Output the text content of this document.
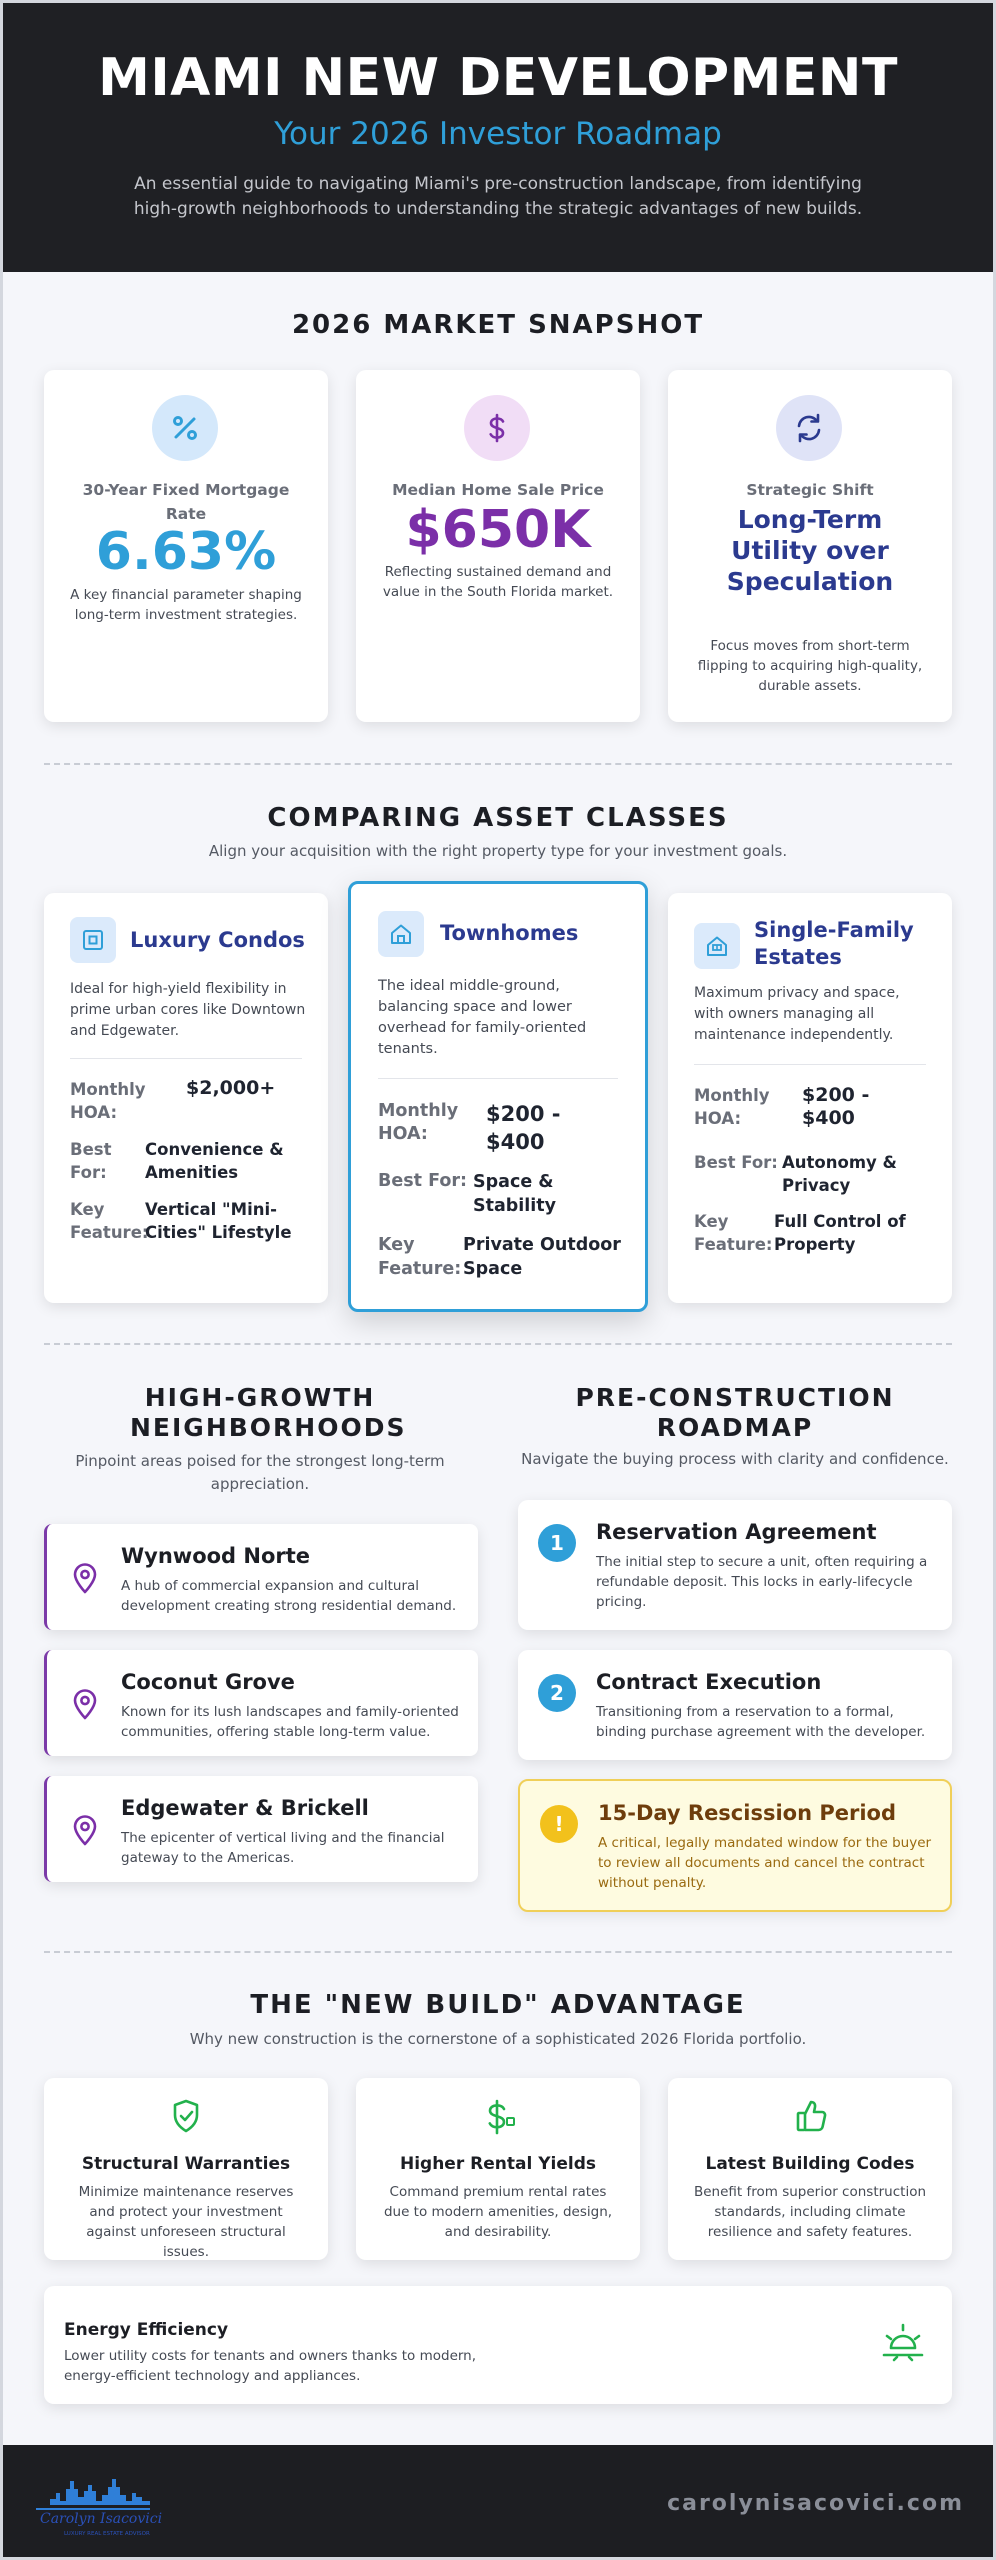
MIAMI NEW DEVELOPMENT
Your 2026 Investor Roadmap

An essential guide to navigating Miami's pre-construction landscape, from identifying high-growth neighborhoods to understanding the strategic advantages of new builds.

2026 MARKET SNAPSHOT
30-Year Fixed Mortgage Rate
6.63%
A key financial parameter shaping long-term investment strategies.
Median Home Sale Price
$650K
Reflecting sustained demand and value in the South Florida market.
Strategic Shift
Long-Term Utility over Speculation
Focus moves from short-term flipping to acquiring high-quality, durable assets.
COMPARING ASSET CLASSES
Align your acquisition with the right property type for your investment goals.
Luxury Condos
Ideal for high-yield flexibility in prime urban cores like Downtown and Edgewater.
Monthly HOA:
$2,000+
Best For:
Convenience & Amenities
Key Feature:
Vertical "Mini-Cities" Lifestyle
Townhomes
The ideal middle-ground, balancing space and lower overhead for family-oriented tenants.
Monthly HOA:
$200 - $400
Best For: Space & Stability
Key Feature:
Private Outdoor Space
Single-Family Estates
Maximum privacy and space, with owners managing all maintenance independently.
Monthly HOA:
$200 - $400
Best For: Autonomy & Privacy
Key Feature:
Full Control of Property
HIGH-GROWTH NEIGHBORHOODS
Pinpoint areas poised for the strongest long-term appreciation.
Wynwood Norte
A hub of commercial expansion and cultural development creating strong residential demand.
Coconut Grove
Known for its lush landscapes and family-oriented communities, offering stable long-term value.
Edgewater & Brickell
The epicenter of vertical living and the financial gateway to the Americas.
PRE-CONSTRUCTION ROADMAP
Navigate the buying process with clarity and confidence.
1	Reservation Agreement
The initial step to secure a unit, often requiring a refundable deposit. This locks in early-lifecycle pricing.
2	Contract Execution
Transitioning from a reservation to a formal, binding purchase agreement with the developer.
!	15-Day Rescission Period
A critical, legally mandated window for the buyer to review all documents and cancel the contract without penalty.
THE "NEW BUILD" ADVANTAGE
Why new construction is the cornerstone of a sophisticated 2026 Florida portfolio.
Structural Warranties
Minimize maintenance reserves and protect your investment against unforeseen structural issues.
Higher Rental Yields
Command premium rental rates due to modern amenities, design, and desirability.
Latest Building Codes
Benefit from superior construction standards, including climate resilience and safety features.
Energy Efficiency
Lower utility costs for tenants and owners thanks to modern, energy-efficient technology and appliances.
Carolyn Isacovici
LUXURY REAL ESTATE ADVISOR
carolynisacovici.com
